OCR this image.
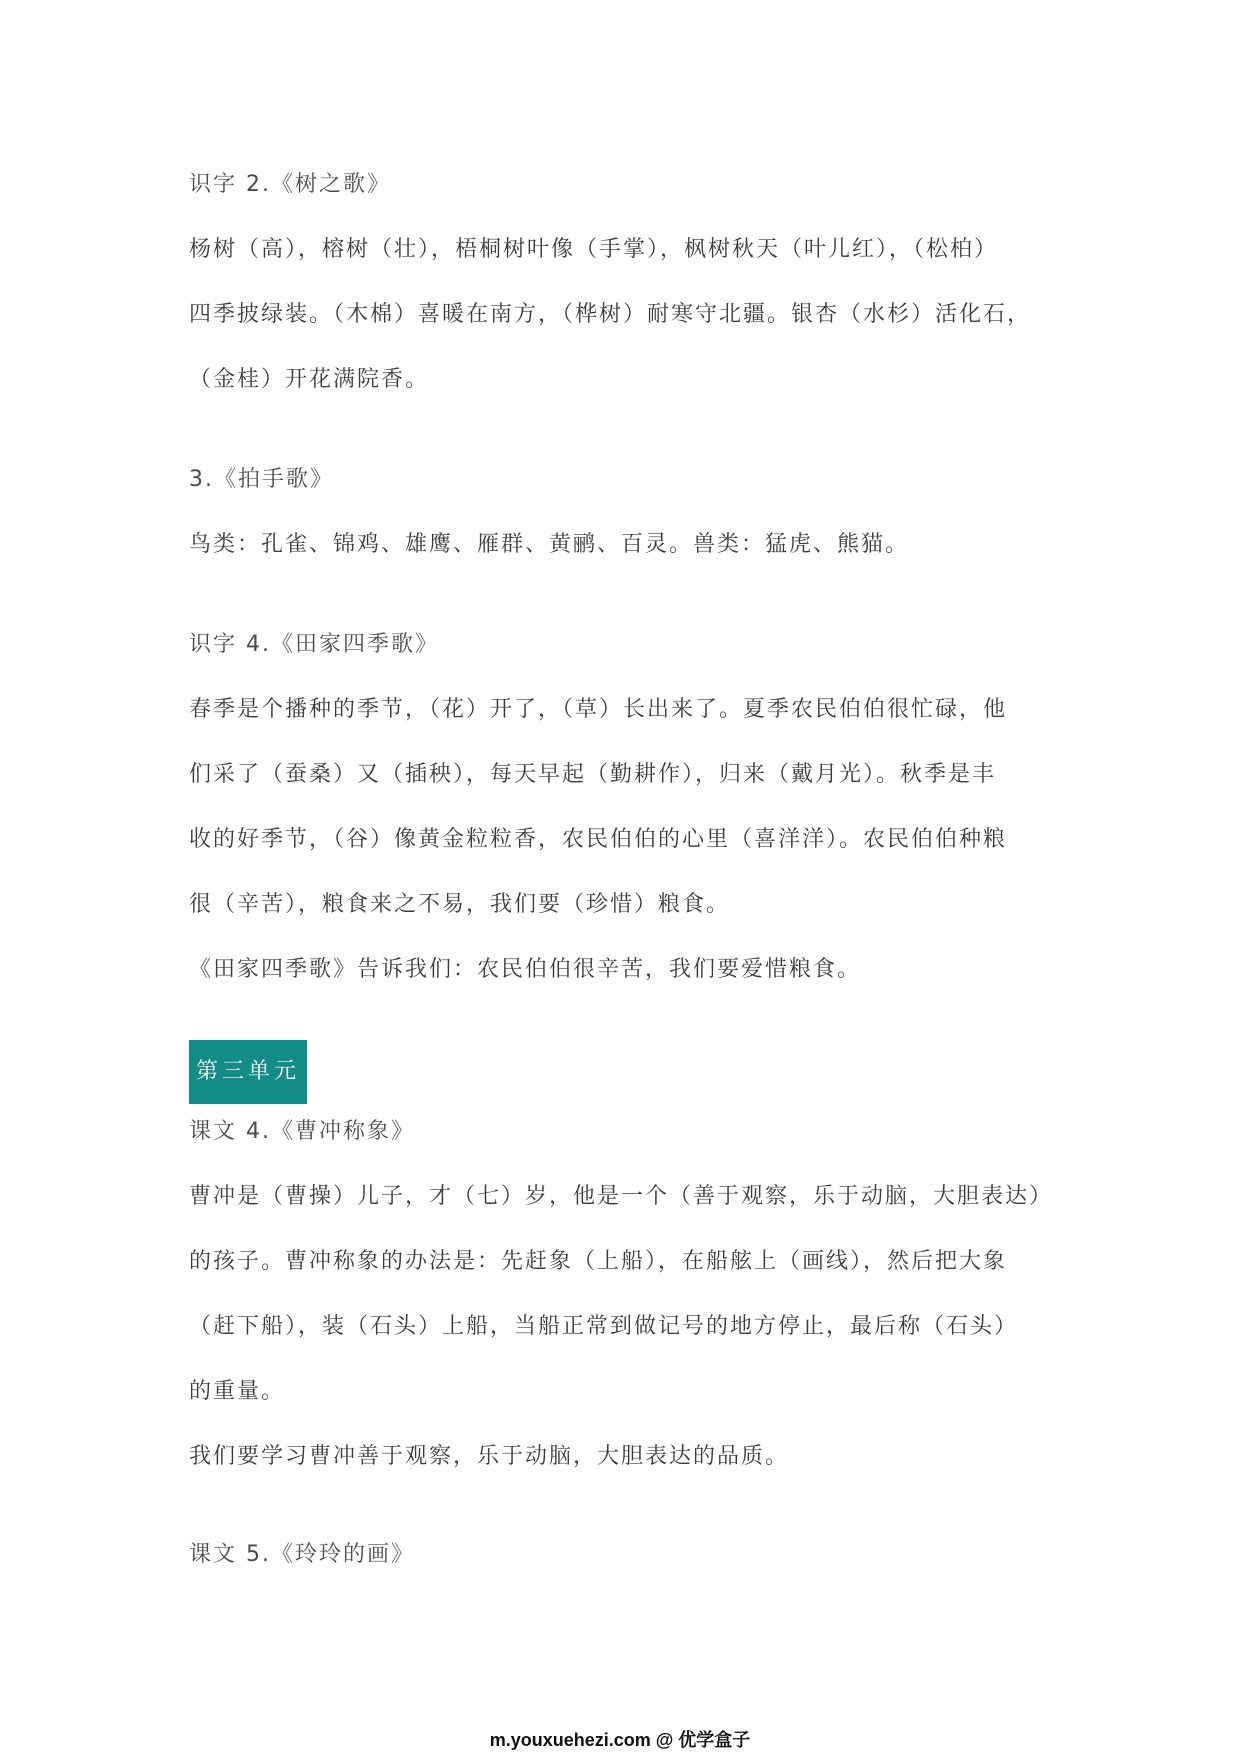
识字 2.《树之歌》
杨树（高），榕树（壮），梧桐树叶像（手掌），枫树秋天（叶儿红），（松柏）
四季披绿装。（木棉）喜暖在南方，（桦树）耐寒守北疆。银杏（水杉）活化石，
（金桂）开花满院香。
3.《拍手歌》
鸟类：孔雀、锦鸡、雄鹰、雁群、黄鹂、百灵。兽类：猛虎、熊猫。
识字 4.《田家四季歌》
春季是个播种的季节，（花）开了，（草）长出来了。夏季农民伯伯很忙碌，他
们采了（蚕桑）又（插秧），每天早起（勤耕作），归来（戴月光）。秋季是丰
收的好季节，（谷）像黄金粒粒香，农民伯伯的心里（喜洋洋）。农民伯伯种粮
很（辛苦），粮食来之不易，我们要（珍惜）粮食。
《田家四季歌》告诉我们：农民伯伯很辛苦，我们要爱惜粮食。
第三单元
课文 4.《曹冲称象》
曹冲是（曹操）儿子，才（七）岁，他是一个（善于观察，乐于动脑，大胆表达）
的孩子。曹冲称象的办法是：先赶象（上船），在船舷上（画线），然后把大象
（赶下船），装（石头）上船，当船正常到做记号的地方停止，最后称（石头）
的重量。
我们要学习曹冲善于观察，乐于动脑，大胆表达的品质。
课文 5.《玲玲的画》
m.youxuehezi.com @ 优学盒子
